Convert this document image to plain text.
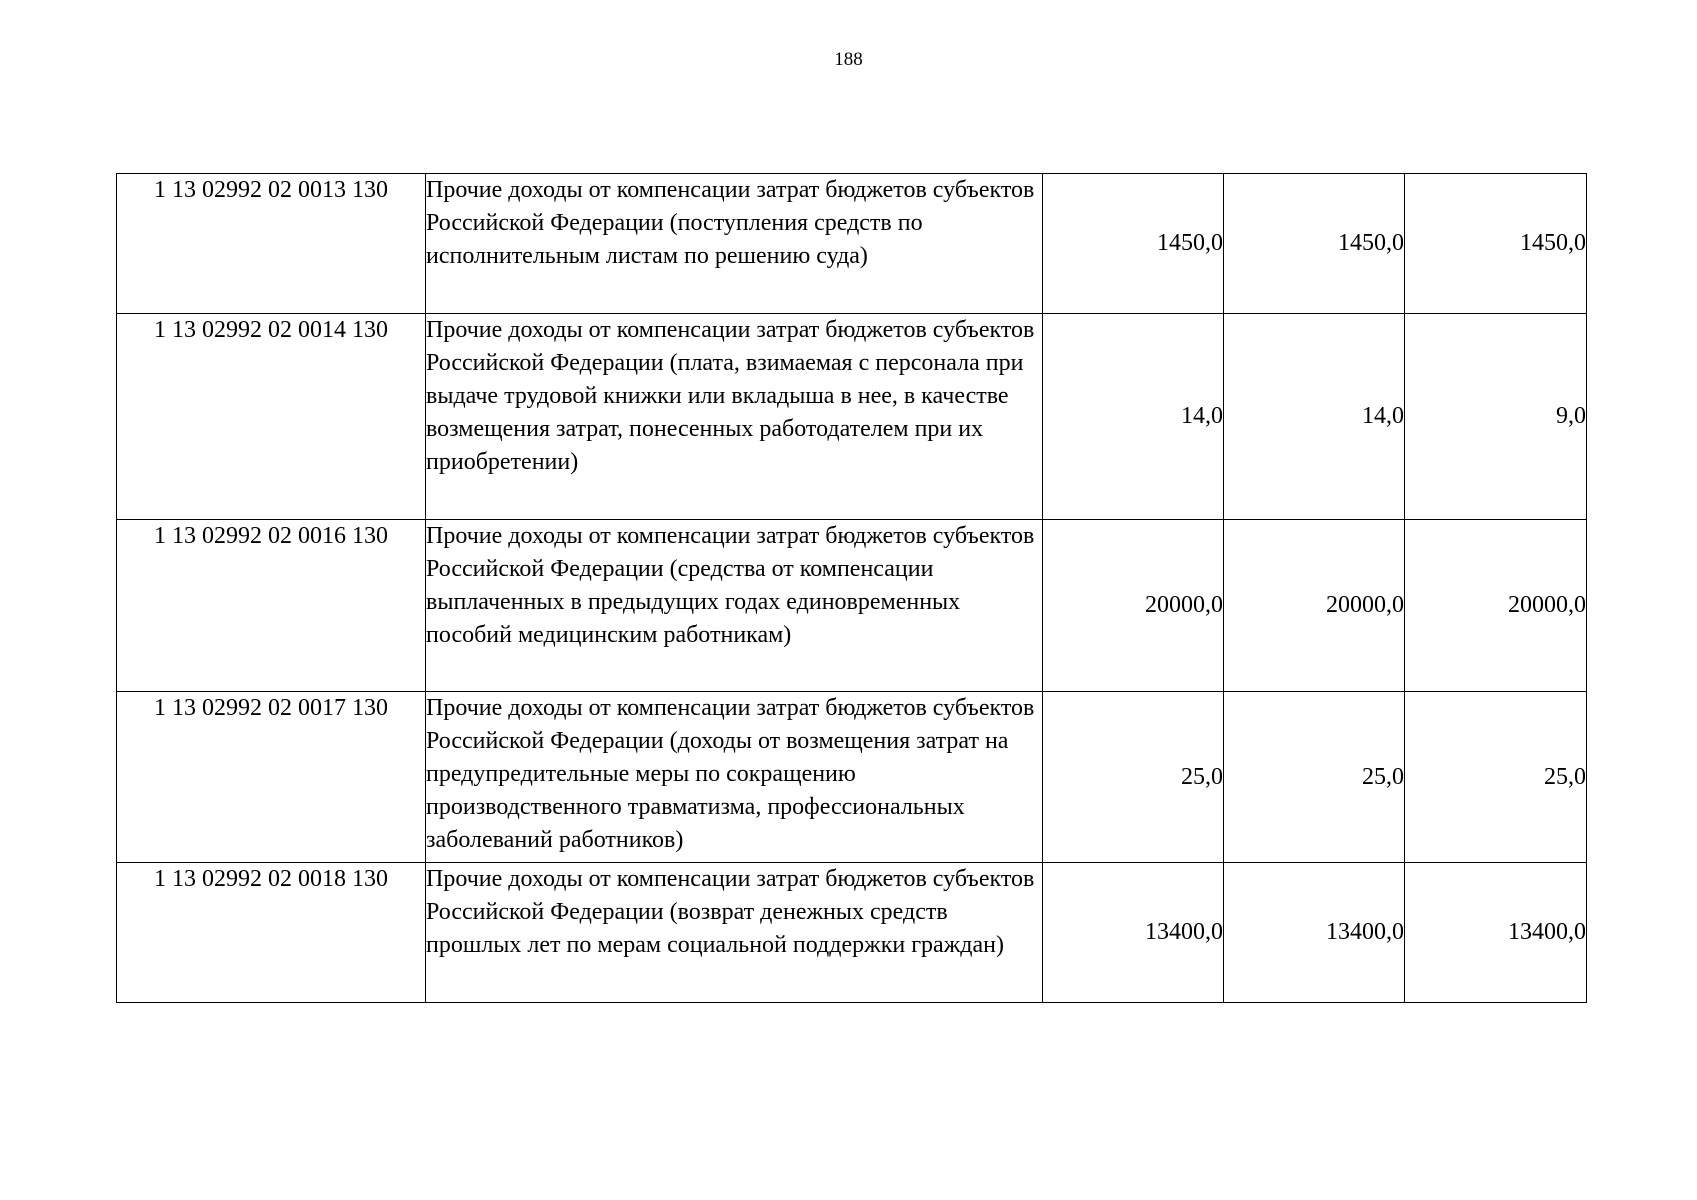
188
1 13 02992 02 0013 130	Прочие доходы от компенсации затрат бюджетов субъектов Российской Федерации (поступления средств по исполнительным листам по решению суда)	1450,0	1450,0	1450,0
1 13 02992 02 0014 130	Прочие доходы от компенсации затрат бюджетов субъектов Российской Федерации (плата, взимаемая с персонала при выдаче трудовой книжки или вкладыша в нее, в качестве возмещения затрат, понесенных работодателем при их приобретении)	14,0	14,0	9,0
1 13 02992 02 0016 130	Прочие доходы от компенсации затрат бюджетов субъектов Российской Федерации (средства от компенсации выплаченных в предыдущих годах единовременных пособий медицинским работникам)	20000,0	20000,0	20000,0
1 13 02992 02 0017 130	Прочие доходы от компенсации затрат бюджетов субъектов Российской Федерации (доходы от возмещения затрат на предупредительные меры по сокращению производственного травматизма, профессиональных заболеваний работников)	25,0	25,0	25,0
1 13 02992 02 0018 130	Прочие доходы от компенсации затрат бюджетов субъектов Российской Федерации (возврат денежных средств прошлых лет по мерам социальной поддержки граждан)	13400,0	13400,0	13400,0
